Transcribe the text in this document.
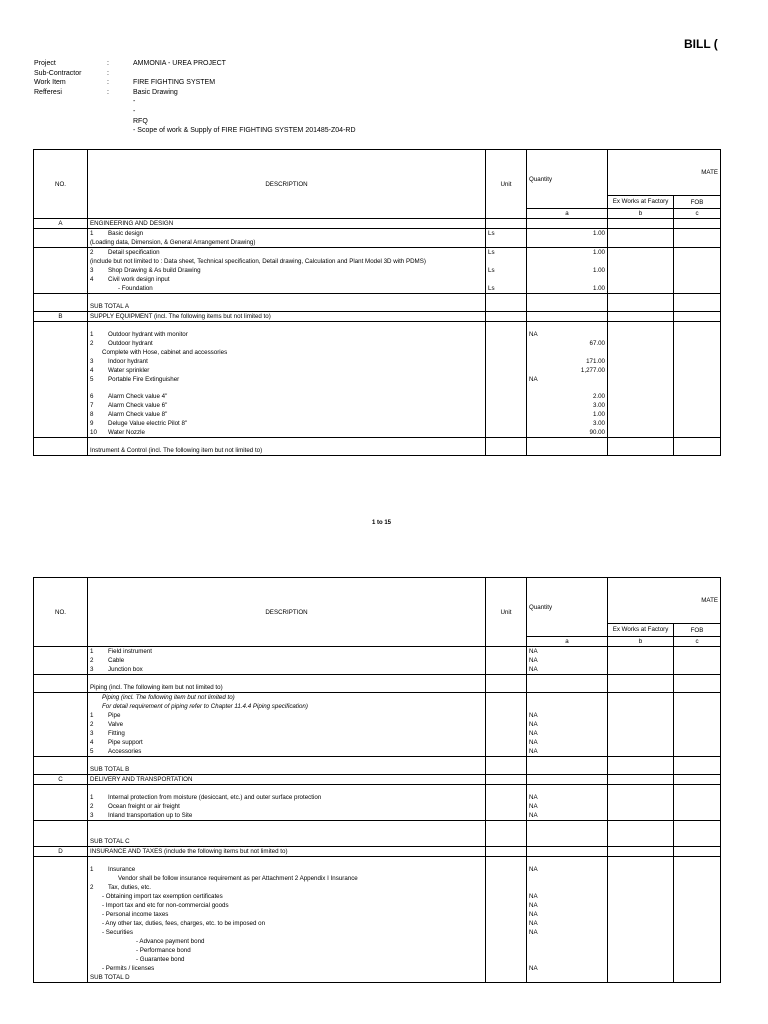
BILL (
Project	:	AMMONIA - UREA PROJECT
Sub-Contractor	:
Work Item	:	FIRE FIGHTING SYSTEM
Refferesi	:	Basic Drawing
-
-
RFQ
- Scope of work & Supply of FIRE FIGHTING SYSTEM 201485-Z04-RD
NO.	DESCRIPTION	Unit	Quantity	MATE	
				Ex Works at Factory	FOB
			a	b	c
A	ENGINEERING AND DESIGN				
	1 Basic design	Ls	1.00		
	(Loading data, Dimension, & General Arrangement Drawing)				
	2 Detail specification	Ls	1.00		
	(include but not limited to : Data sheet, Technical specification, Detail drawing, Calculation and Plant Model 3D with PDMS)				
	3 Shop Drawing & As build Drawing	Ls	1.00		
	4 Civil work design input				
	- Foundation	Ls	1.00		

	SUB TOTAL A				
B	SUPPLY EQUIPMENT (incl. The following items but not limited to)				

	1 Outdoor hydrant with monitor		NA		
	2 Outdoor hydrant		67.00		
	Complete with Hose, cabinet and accessories				
	3 Indoor hydrant		171.00		
	4 Water sprinkler		1,277.00		
	5 Portable Fire Extinguisher		NA		

	6 Alarm Check value 4"		2.00		
	7 Alarm Check value 6"		3.00		
	8 Alarm Check value 8"		1.00		
	9 Deluge Value electric Pilot 8"		3.00		
	10 Water Nozzle		90.00		

	Instrument & Control (incl. The following item but not limited to)				
1 to 15
NO.	DESCRIPTION	Unit	Quantity	MATE	
				Ex Works at Factory	FOB
			a	b	c
	1 Field instrument		NA		
	2 Cable		NA		
	3 Junction box		NA		

	Piping (incl. The following item but not limited to)				
	Piping (incl. The following item but not limited to)				
	For detail requirement of piping refer to Chapter 11.4.4 Piping specification)				
	1 Pipe		NA		
	2 Valve		NA		
	3 Fitting		NA		
	4 Pipe support		NA		
	5 Accessories		NA		

	SUB TOTAL B				
C	DELIVERY AND TRANSPORTATION				

	1 Internal protection from moisture (desiccant, etc.) and outer surface protection		NA		
	2 Ocean freight or air freight		NA		
	3 Inland transportation up to Site		NA		

	SUB TOTAL C				
D	INSURANCE AND TAXES (include the following items but not limited to)				

	1 Insurance		NA		
	Vendor shall be follow insurance requirement as per Attachment 2 Appendix I Insurance				
	2 Tax, duties, etc.				
	- Obtaining import tax exemption certificates		NA		
	- Import tax and etc for non-commercial goods		NA		
	- Personal income taxes		NA		
	- Any other tax, duties, fees, charges, etc. to be imposed on		NA		
	- Securities		NA		
	- Advance payment bond				
	- Performance bond				
	- Guarantee bond				
	- Permits / licenses		NA		
	SUB TOTAL D				
